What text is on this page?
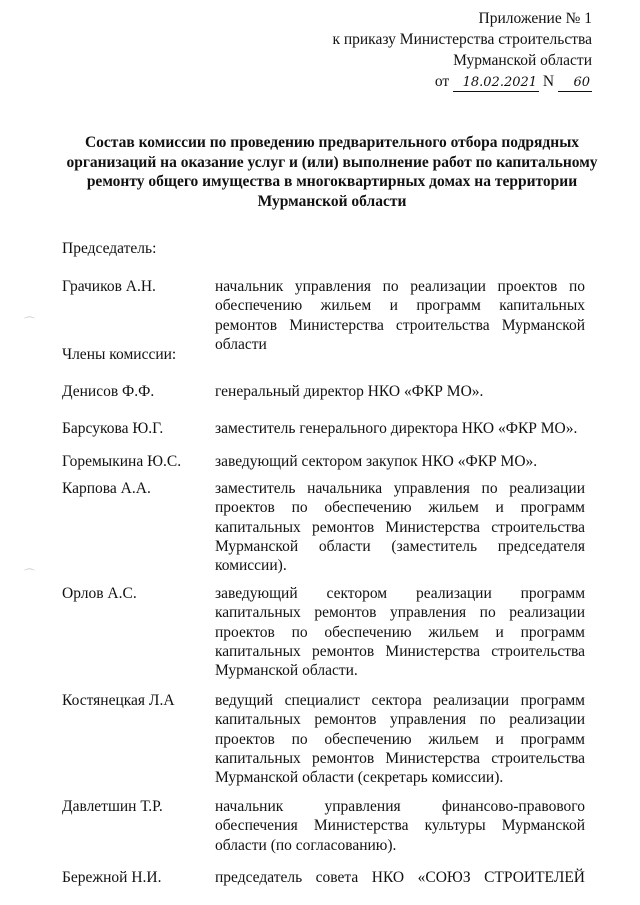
Приложение № 1
к приказу Министерства строительства
Мурманской области
от 18.02.2021 N 60
Состав комиссии по проведению предварительного отбора подрядных организаций на оказание услуг и (или) выполнение работ по капитальному ремонту общего имущества в многоквартирных домах на территории Мурманской области
Председатель:
Грачиков А.Н.	начальник управления по реализации проектов по обеспечению жильем и программ капитальных ремонтов Министерства строительства Мурманской области
Члены комиссии:
Денисов Ф.Ф.	генеральный директор НКО «ФКР МО».
Барсукова Ю.Г.	заместитель генерального директора НКО «ФКР МО».
Горемыкина Ю.С.	заведующий сектором закупок НКО «ФКР МО».
Карпова А.А.	заместитель начальника управления по реализации проектов по обеспечению жильем и программ капитальных ремонтов Министерства строительства Мурманской области (заместитель председателя комиссии).
Орлов А.С.	заведующий сектором реализации программ капитальных ремонтов управления по реализации проектов по обеспечению жильем и программ капитальных ремонтов Министерства строительства Мурманской области.
Костянецкая Л.А	ведущий специалист сектора реализации программ капитальных ремонтов управления по реализации проектов по обеспечению жильем и программ капитальных ремонтов Министерства строительства Мурманской области (секретарь комиссии).
Давлетшин Т.Р.	начальник управления финансово-правового обеспечения Министерства культуры Мурманской области (по согласованию).
Бережной Н.И.	председатель совета НКО «СОЮЗ СТРОИТЕЛЕЙ
⌒
⌒
